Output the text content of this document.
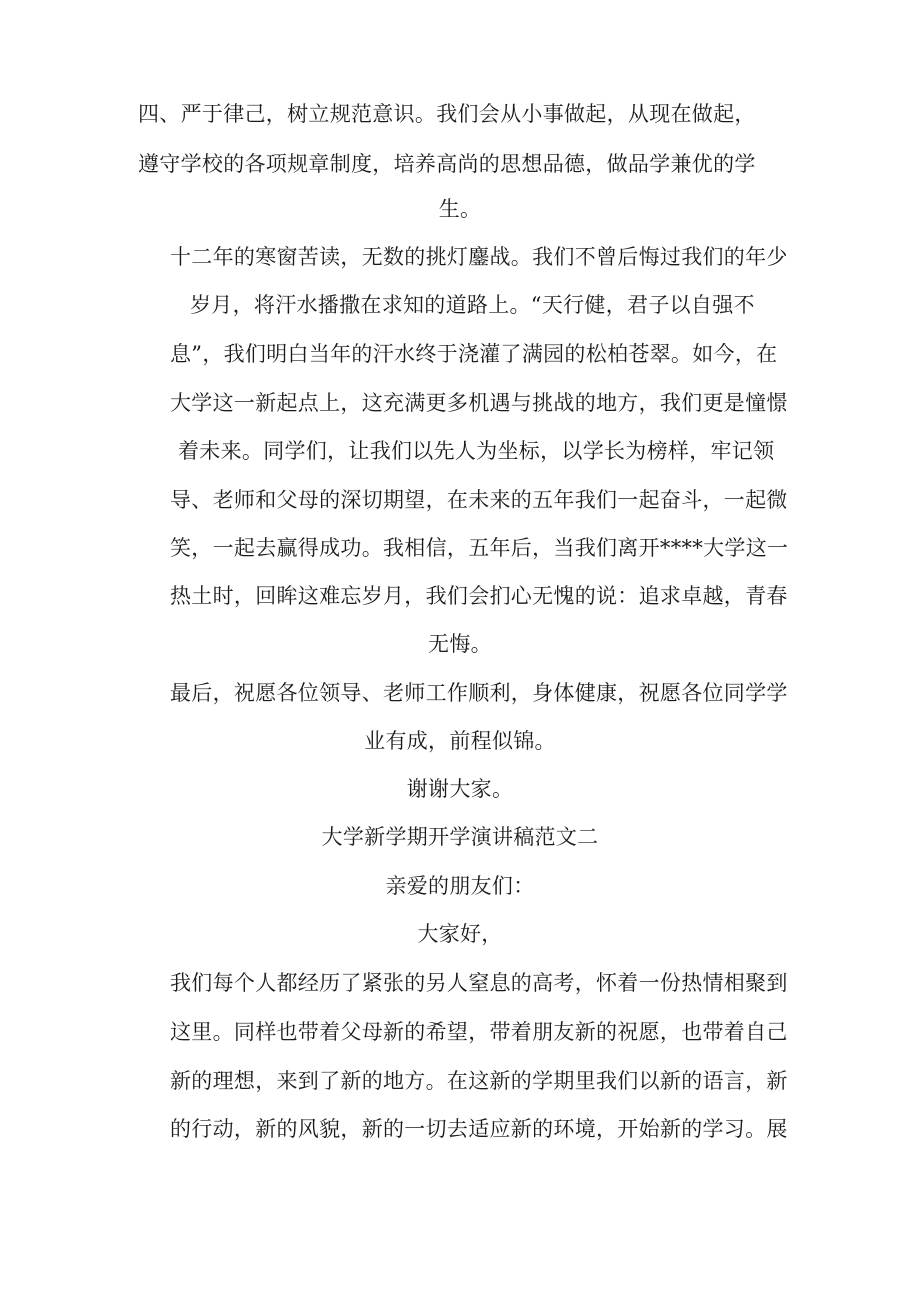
四、严于律己，树立规范意识。我们会从小事做起，从现在做起，
遵守学校的各项规章制度，培养高尚的思想品德，做品学兼优的学
生。
十二年的寒窗苦读，无数的挑灯鏖战。我们不曾后悔过我们的年少
岁月，将汗水播撒在求知的道路上。“天行健，君子以自强不
息”，我们明白当年的汗水终于浇灌了满园的松柏苍翠。如今，在
大学这一新起点上，这充满更多机遇与挑战的地方，我们更是憧憬
着未来。同学们，让我们以先人为坐标，以学长为榜样，牢记领
导、老师和父母的深切期望，在未来的五年我们一起奋斗，一起微
笑，一起去赢得成功。我相信，五年后，当我们离开****大学这一
热土时，回眸这难忘岁月，我们会扪心无愧的说：追求卓越，青春
无悔。
最后，祝愿各位领导、老师工作顺利，身体健康，祝愿各位同学学
业有成，前程似锦。
谢谢大家。
大学新学期开学演讲稿范文二
亲爱的朋友们：
大家好，
我们每个人都经历了紧张的另人窒息的高考，怀着一份热情相聚到
这里。同样也带着父母新的希望，带着朋友新的祝愿，也带着自己
新的理想，来到了新的地方。在这新的学期里我们以新的语言，新
的行动，新的风貌，新的一切去适应新的环境，开始新的学习。展
